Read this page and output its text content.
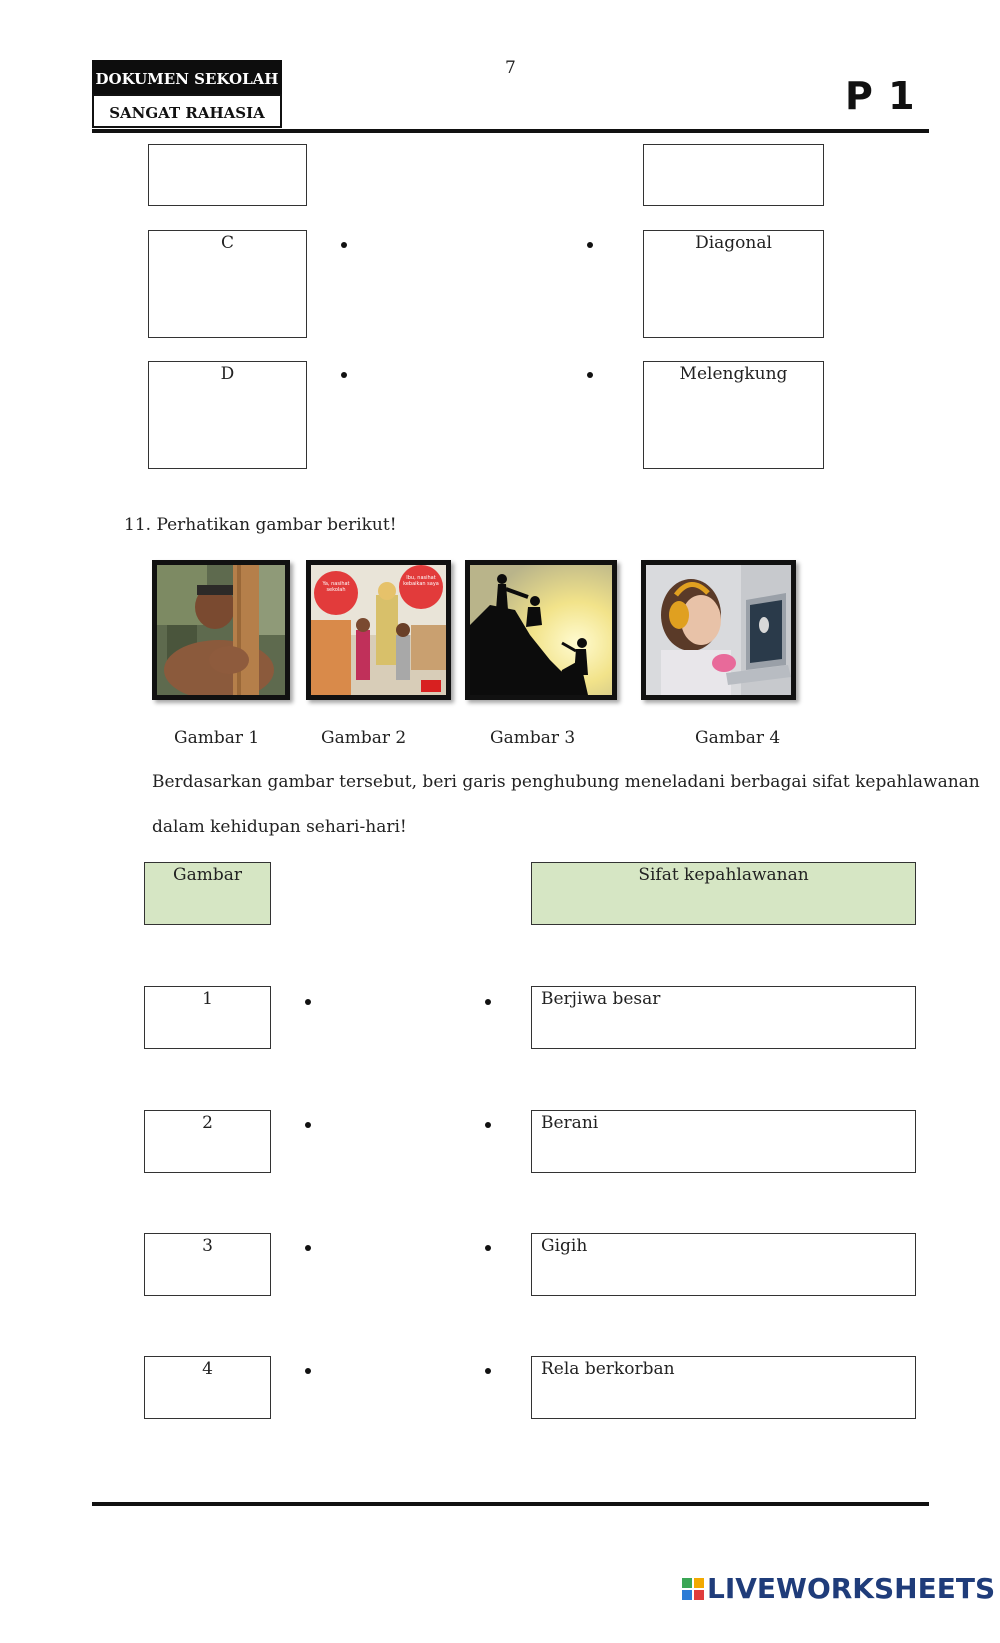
DOKUMEN SEKOLAH
SANGAT RAHASIA
7
P 1
C	Diagonal
D	Melengkung
11. Perhatikan gambar berikut!
Ya, nasihat sekolah
Ibu, nasihat kebaikan saya
Gambar 1	Gambar 2	Gambar 3	Gambar 4
Berdasarkan gambar tersebut, beri garis penghubung meneladani berbagai sifat kepahlawanan
dalam kehidupan sehari-hari!
Gambar	Sifat kepahlawanan
1	Berjiwa besar
2	Berani
3	Gigih
4	Rela berkorban
LIVEWORKSHEETS
